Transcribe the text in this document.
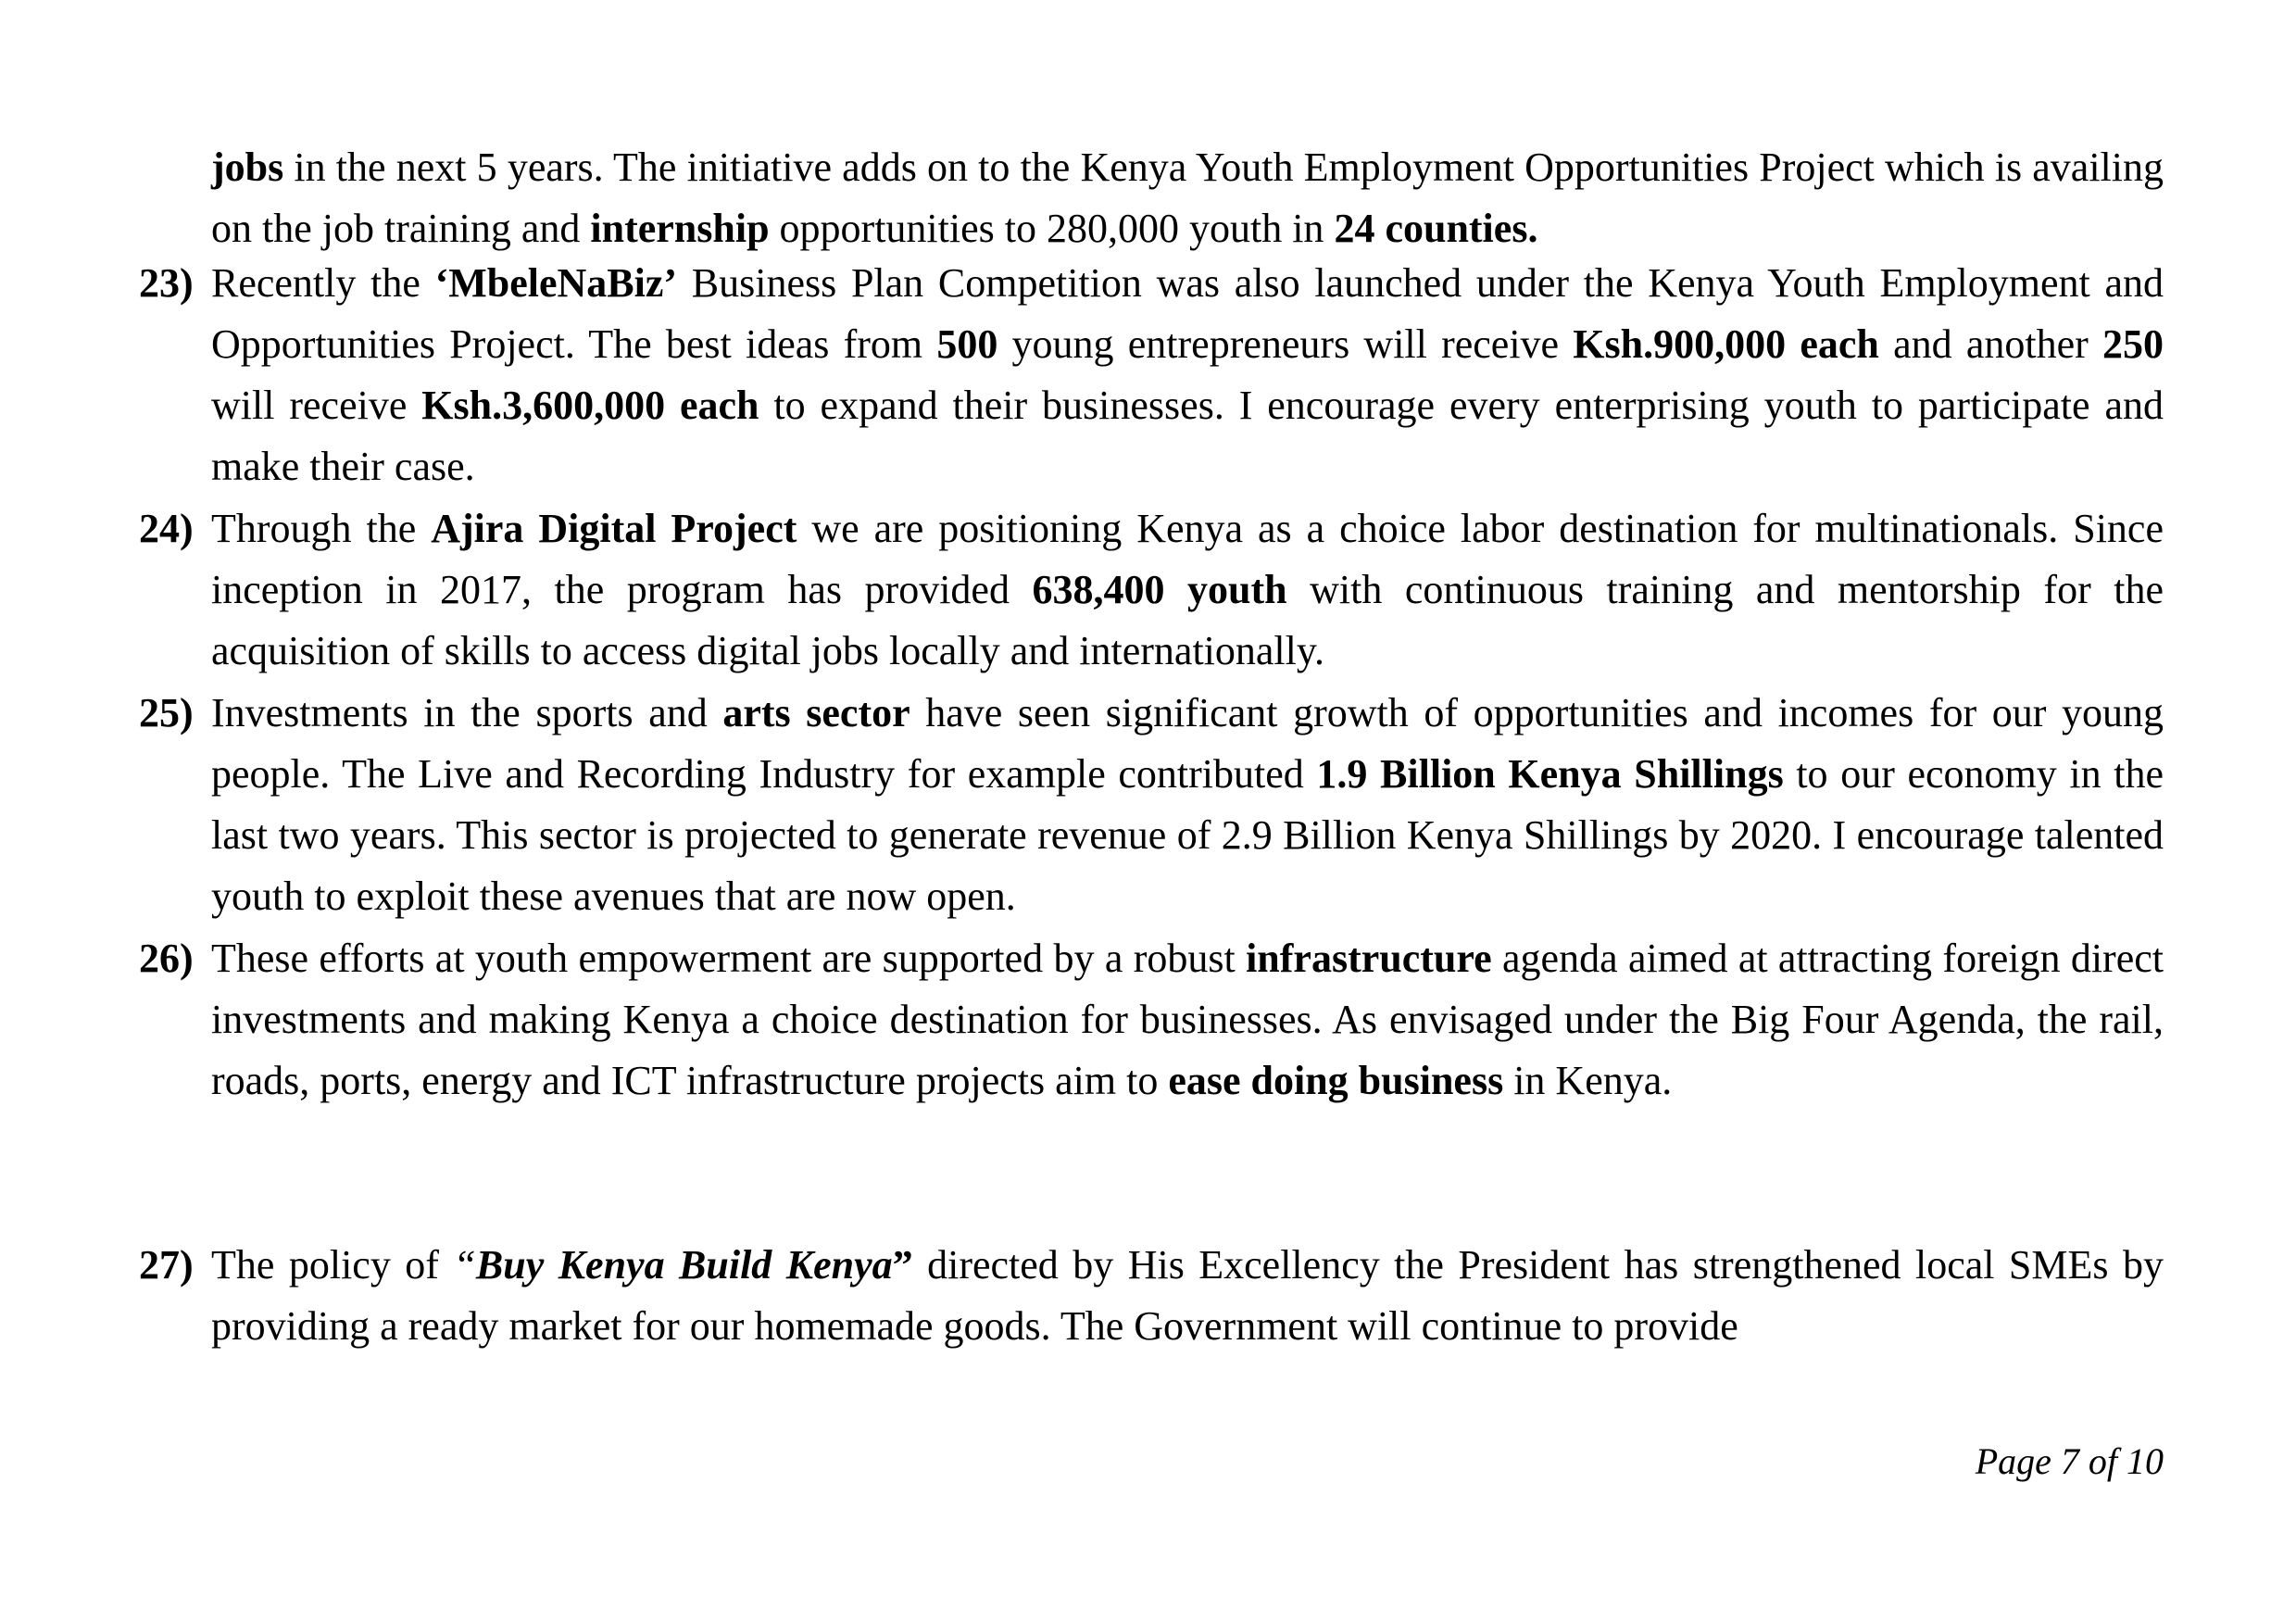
jobs in the next 5 years. The initiative adds on to the Kenya Youth Employment Opportunities Project which is availing on the job training and internship opportunities to 280,000 youth in 24 counties.
23) Recently the ‘MbeleNaBiz’ Business Plan Competition was also launched under the Kenya Youth Employment and Opportunities Project. The best ideas from 500 young entrepreneurs will receive Ksh.900,000 each and another 250 will receive Ksh.3,600,000 each to expand their businesses. I encourage every enterprising youth to participate and make their case.
24) Through the Ajira Digital Project we are positioning Kenya as a choice labor destination for multinationals. Since inception in 2017, the program has provided 638,400 youth with continuous training and mentorship for the acquisition of skills to access digital jobs locally and internationally.
25) Investments in the sports and arts sector have seen significant growth of opportunities and incomes for our young people. The Live and Recording Industry for example contributed 1.9 Billion Kenya Shillings to our economy in the last two years. This sector is projected to generate revenue of 2.9 Billion Kenya Shillings by 2020. I encourage talented youth to exploit these avenues that are now open.
26) These efforts at youth empowerment are supported by a robust infrastructure agenda aimed at attracting foreign direct investments and making Kenya a choice destination for businesses. As envisaged under the Big Four Agenda, the rail, roads, ports, energy and ICT infrastructure projects aim to ease doing business in Kenya.
27) The policy of “Buy Kenya Build Kenya” directed by His Excellency the President has strengthened local SMEs by providing a ready market for our homemade goods. The Government will continue to provide
Page 7 of 10
